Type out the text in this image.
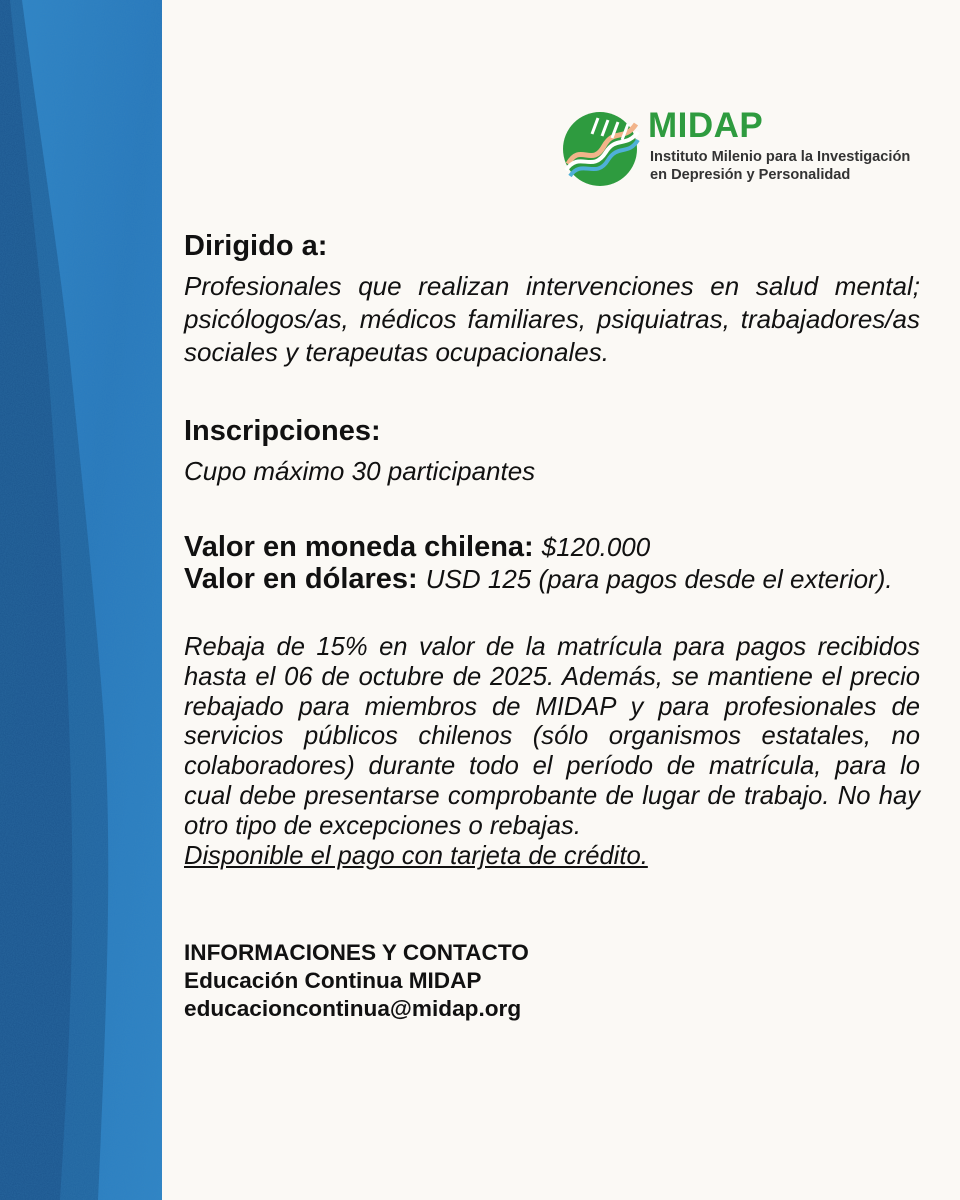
MIDAP
Instituto Milenio para la Investigación
en Depresión y Personalidad

Dirigido a:

Profesionales que realizan intervenciones en salud mental; psicólogos/as, médicos familiares, psiquiatras, trabajadores/as sociales y terapeutas ocupacionales.

Inscripciones:

Cupo máximo 30 participantes

Valor en moneda chilena: $120.000

Valor en dólares: USD 125 (para pagos desde el exterior).

Rebaja de 15% en valor de la matrícula para pagos recibidos hasta el 06 de octubre de 2025. Además, se mantiene el precio rebajado para miembros de MIDAP y para profesionales de servicios públicos chilenos (sólo organismos estatales, no colaboradores) durante todo el período de matrícula, para lo cual debe presentarse comprobante de lugar de trabajo. No hay otro tipo de excepciones o rebajas.

Disponible el pago con tarjeta de crédito.
INFORMACIONES Y CONTACTO
Educación Continua MIDAP
educacioncontinua@midap.org
